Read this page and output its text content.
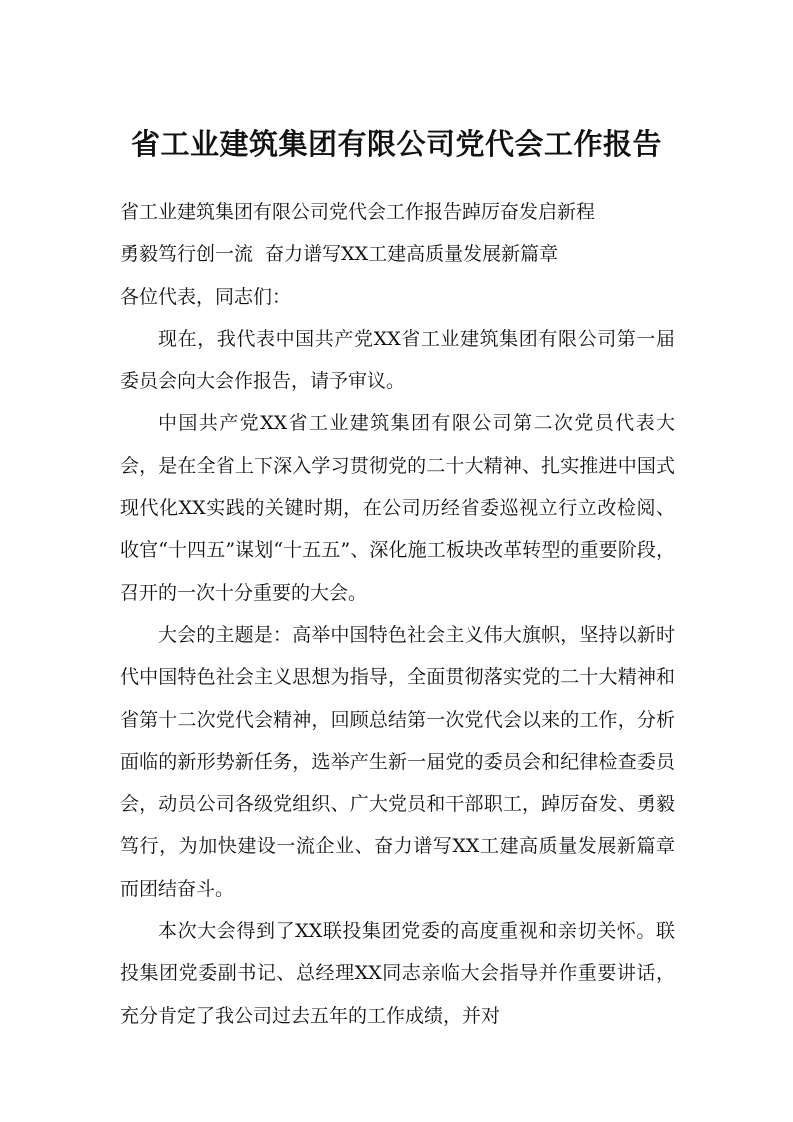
省工业建筑集团有限公司党代会工作报告

省工业建筑集团有限公司党代会工作报告踔厉奋发启新程

勇毅笃行创一流  奋力谱写XX工建高质量发展新篇章

各位代表，同志们：

现在，我代表中国共产党XX省工业建筑集团有限公司第一届委员会向大会作报告，请予审议。

中国共产党XX省工业建筑集团有限公司第二次党员代表大会，是在全省上下深入学习贯彻党的二十大精神、扎实推进中国式现代化XX实践的关键时期，在公司历经省委巡视立行立改检阅、收官“十四五”谋划“十五五”、深化施工板块改革转型的重要阶段，召开的一次十分重要的大会。

大会的主题是：高举中国特色社会主义伟大旗帜，坚持以新时代中国特色社会主义思想为指导，全面贯彻落实党的二十大精神和省第十二次党代会精神，回顾总结第一次党代会以来的工作，分析面临的新形势新任务，选举产生新一届党的委员会和纪律检查委员会，动员公司各级党组织、广大党员和干部职工，踔厉奋发、勇毅笃行，为加快建设一流企业、奋力谱写XX工建高质量发展新篇章而团结奋斗。

本次大会得到了XX联投集团党委的高度重视和亲切关怀。联投集团党委副书记、总经理XX同志亲临大会指导并作重要讲话，充分肯定了我公司过去五年的工作成绩，并对
